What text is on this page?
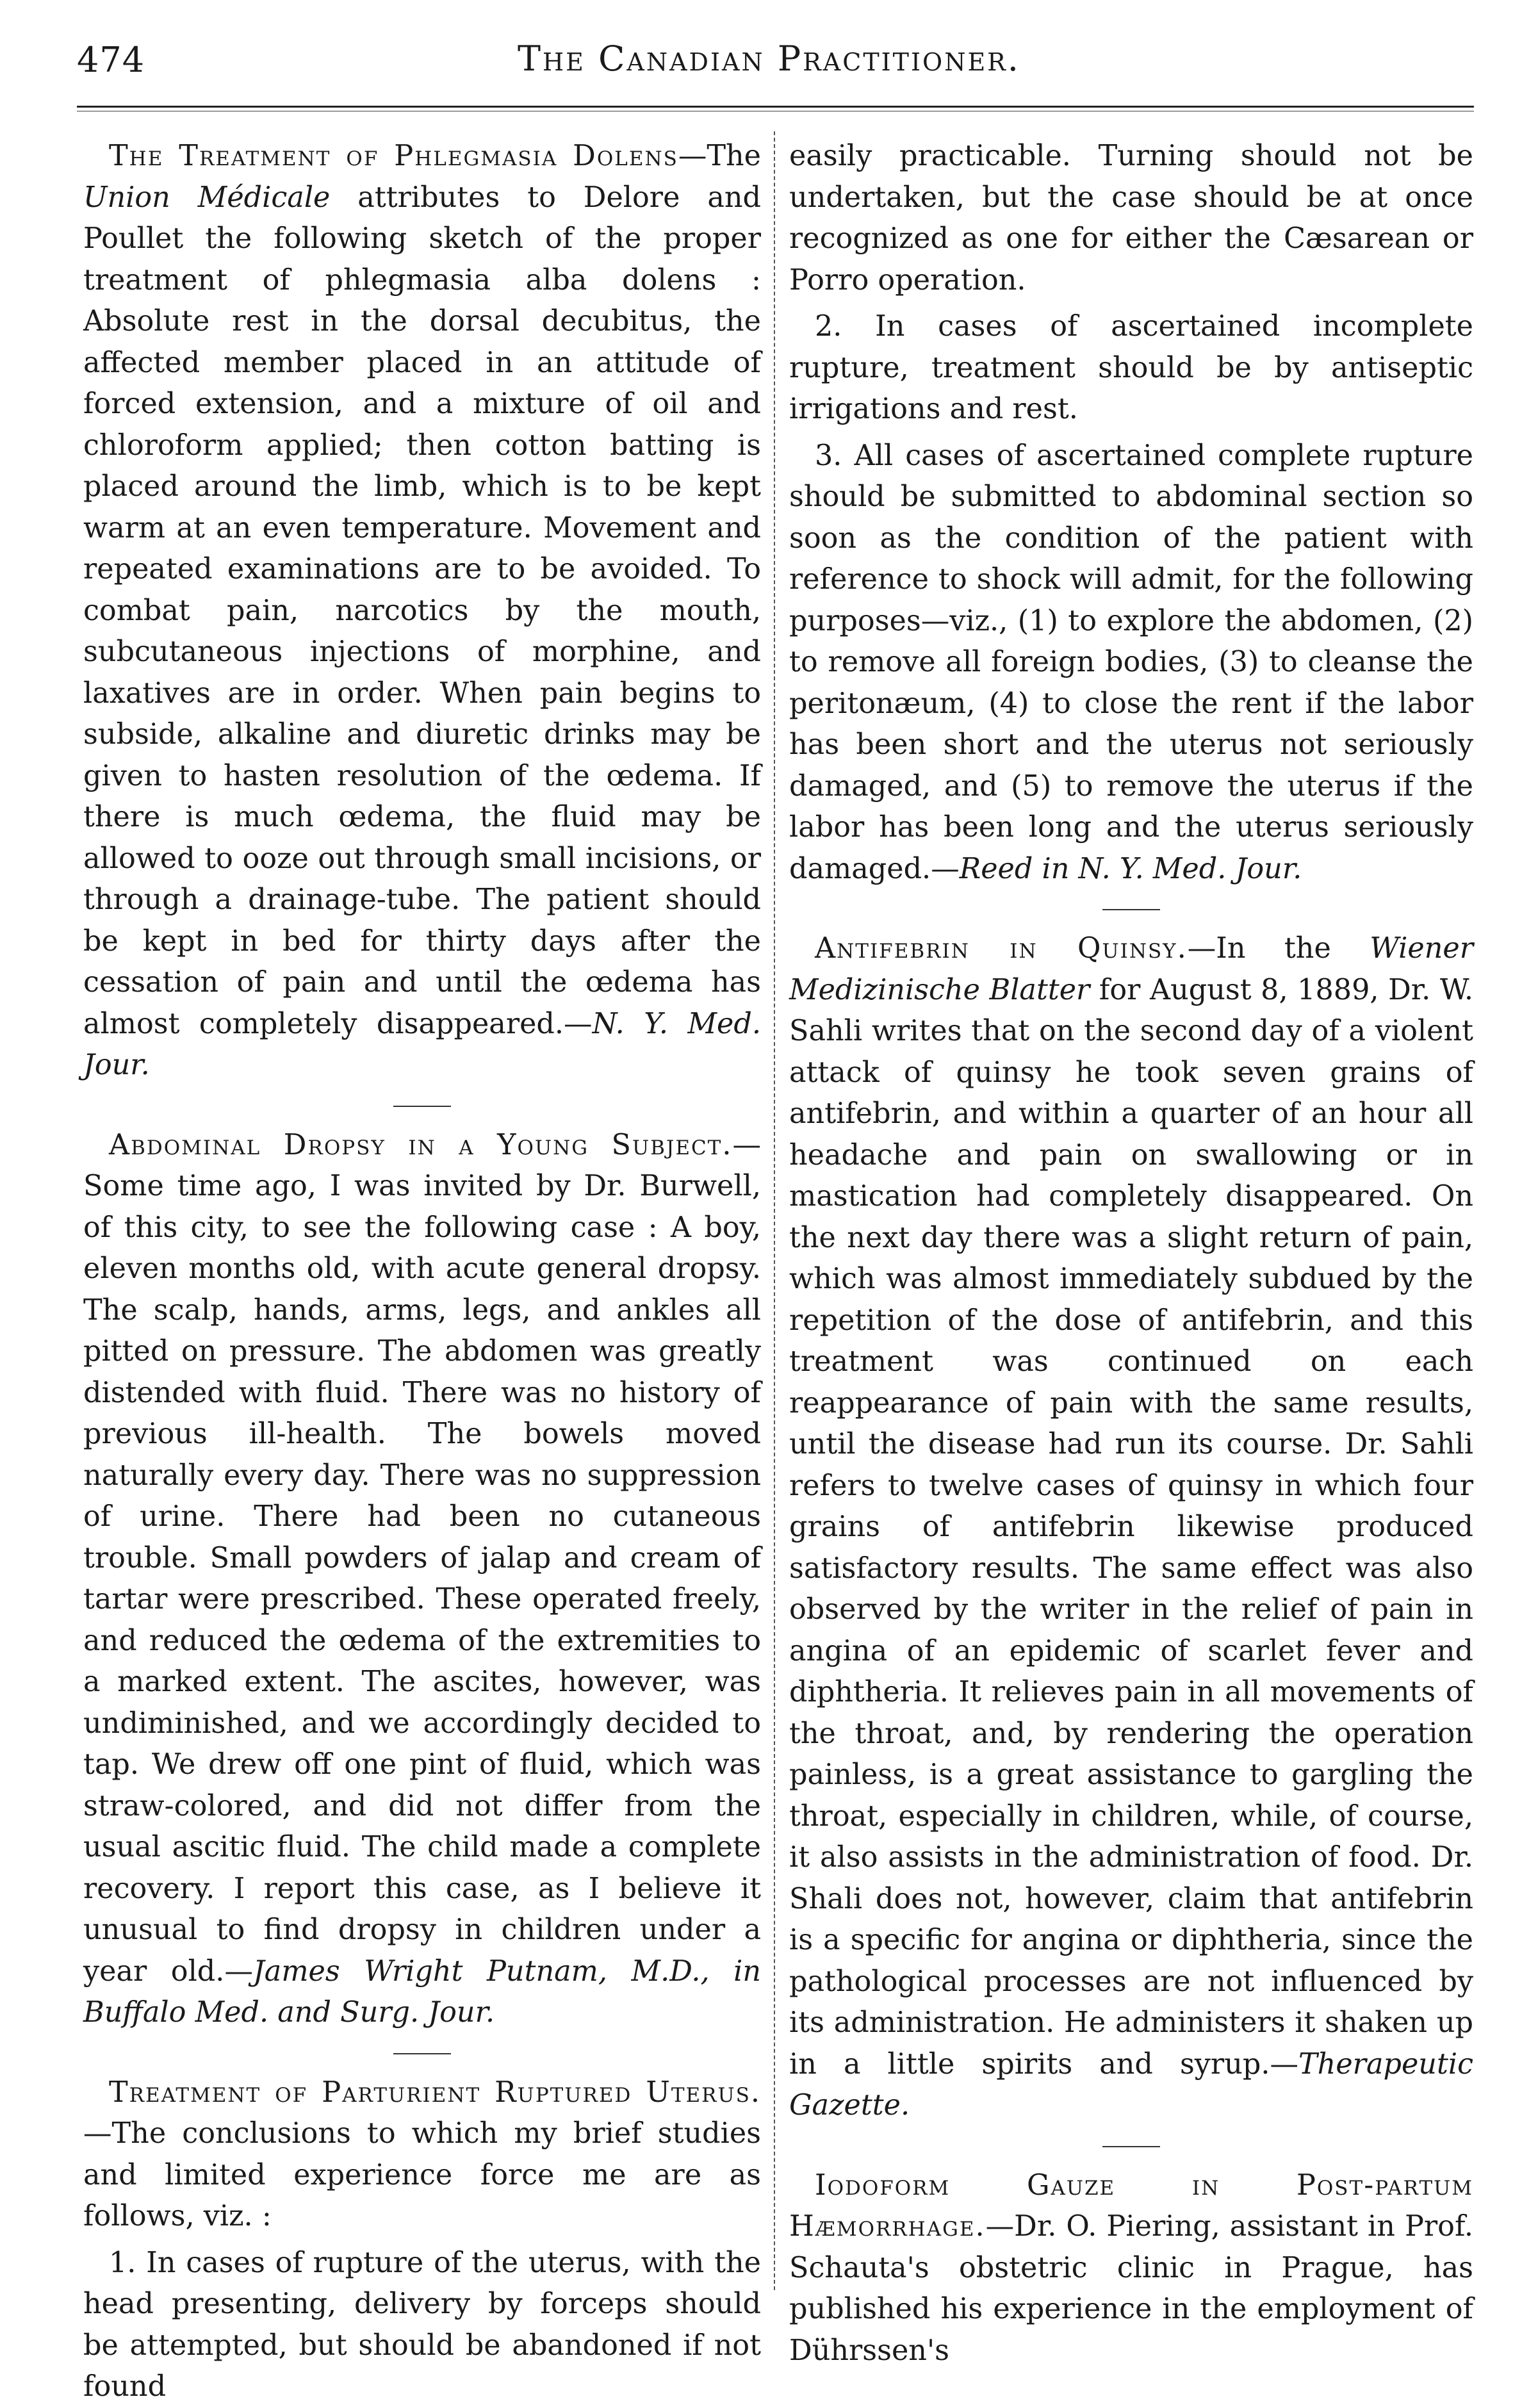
474	The Canadian Practitioner.

The Treatment of Phlegmasia Dolens—The Union Médicale attributes to Delore and Poullet the following sketch of the proper treatment of phlegmasia alba dolens : Absolute rest in the dorsal decubitus, the affected member placed in an attitude of forced extension, and a mixture of oil and chloroform applied; then cotton batting is placed around the limb, which is to be kept warm at an even temperature. Movement and repeated examinations are to be avoided. To combat pain, narcotics by the mouth, subcutaneous injections of morphine, and laxatives are in order. When pain begins to subside, alkaline and diuretic drinks may be given to hasten resolution of the œdema. If there is much œdema, the fluid may be allowed to ooze out through small incisions, or through a drainage-tube. The patient should be kept in bed for thirty days after the cessation of pain and until the œdema has almost completely disappeared.—N. Y. Med. Jour.

Abdominal Dropsy in a Young Subject.—Some time ago, I was invited by Dr. Burwell, of this city, to see the following case : A boy, eleven months old, with acute general dropsy. The scalp, hands, arms, legs, and ankles all pitted on pressure. The abdomen was greatly distended with fluid. There was no history of previous ill-health. The bowels moved naturally every day. There was no suppression of urine. There had been no cutaneous trouble. Small powders of jalap and cream of tartar were prescribed. These operated freely, and reduced the œdema of the extremities to a marked extent. The ascites, however, was undiminished, and we accordingly decided to tap. We drew off one pint of fluid, which was straw-colored, and did not differ from the usual ascitic fluid. The child made a complete recovery. I report this case, as I believe it unusual to find dropsy in children under a year old.—James Wright Putnam, M.D., in Buffalo Med. and Surg. Jour.

Treatment of Parturient Ruptured Uterus.—The conclusions to which my brief studies and limited experience force me are as follows, viz. :

1. In cases of rupture of the uterus, with the head presenting, delivery by forceps should be attempted, but should be abandoned if not found

easily practicable. Turning should not be undertaken, but the case should be at once recognized as one for either the Cæsarean or Porro operation.

2. In cases of ascertained incomplete rupture, treatment should be by antiseptic irrigations and rest.

3. All cases of ascertained complete rupture should be submitted to abdominal section so soon as the condition of the patient with reference to shock will admit, for the following purposes—viz., (1) to explore the abdomen, (2) to remove all foreign bodies, (3) to cleanse the peritonæum, (4) to close the rent if the labor has been short and the uterus not seriously damaged, and (5) to remove the uterus if the labor has been long and the uterus seriously damaged.—Reed in N. Y. Med. Jour.

Antifebrin in Quinsy.—In the Wiener Medizinische Blatter for August 8, 1889, Dr. W. Sahli writes that on the second day of a violent attack of quinsy he took seven grains of antifebrin, and within a quarter of an hour all headache and pain on swallowing or in mastication had completely disappeared. On the next day there was a slight return of pain, which was almost immediately subdued by the repetition of the dose of antifebrin, and this treatment was continued on each reappearance of pain with the same results, until the disease had run its course. Dr. Sahli refers to twelve cases of quinsy in which four grains of antifebrin likewise produced satisfactory results. The same effect was also observed by the writer in the relief of pain in angina of an epidemic of scarlet fever and diphtheria. It relieves pain in all movements of the throat, and, by rendering the operation painless, is a great assistance to gargling the throat, especially in children, while, of course, it also assists in the administration of food. Dr. Shali does not, however, claim that antifebrin is a specific for angina or diphtheria, since the pathological processes are not influenced by its administration. He administers it shaken up in a little spirits and syrup.—Therapeutic Gazette.

Iodoform Gauze in Post-partum Hæmorrhage.—Dr. O. Piering, assistant in Prof. Schauta's obstetric clinic in Prague, has published his experience in the employment of Dührssen's
